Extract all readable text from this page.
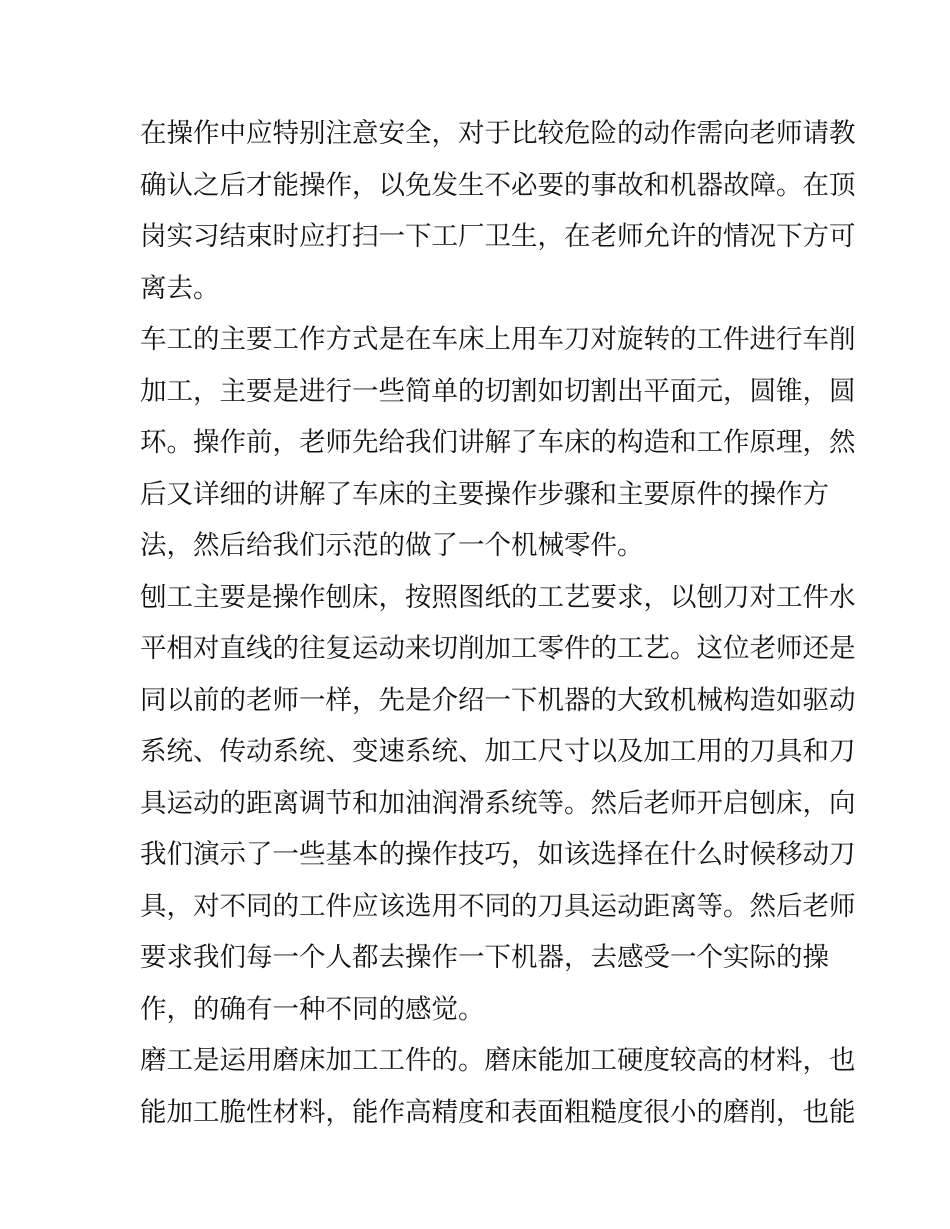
在操作中应特别注意安全，对于比较危险的动作需向老师请教
确认之后才能操作，以免发生不必要的事故和机器故障。在顶
岗实习结束时应打扫一下工厂卫生，在老师允许的情况下方可
离去。
车工的主要工作方式是在车床上用车刀对旋转的工件进行车削
加工，主要是进行一些简单的切割如切割出平面元，圆锥，圆
环。操作前，老师先给我们讲解了车床的构造和工作原理，然
后又详细的讲解了车床的主要操作步骤和主要原件的操作方
法，然后给我们示范的做了一个机械零件。
刨工主要是操作刨床，按照图纸的工艺要求，以刨刀对工件水
平相对直线的往复运动来切削加工零件的工艺。这位老师还是
同以前的老师一样，先是介绍一下机器的大致机械构造如驱动
系统、传动系统、变速系统、加工尺寸以及加工用的刀具和刀
具运动的距离调节和加油润滑系统等。然后老师开启刨床，向
我们演示了一些基本的操作技巧，如该选择在什么时候移动刀
具，对不同的工件应该选用不同的刀具运动距离等。然后老师
要求我们每一个人都去操作一下机器，去感受一个实际的操
作，的确有一种不同的感觉。
磨工是运用磨床加工工件的。磨床能加工硬度较高的材料，也
能加工脆性材料，能作高精度和表面粗糙度很小的磨削，也能
